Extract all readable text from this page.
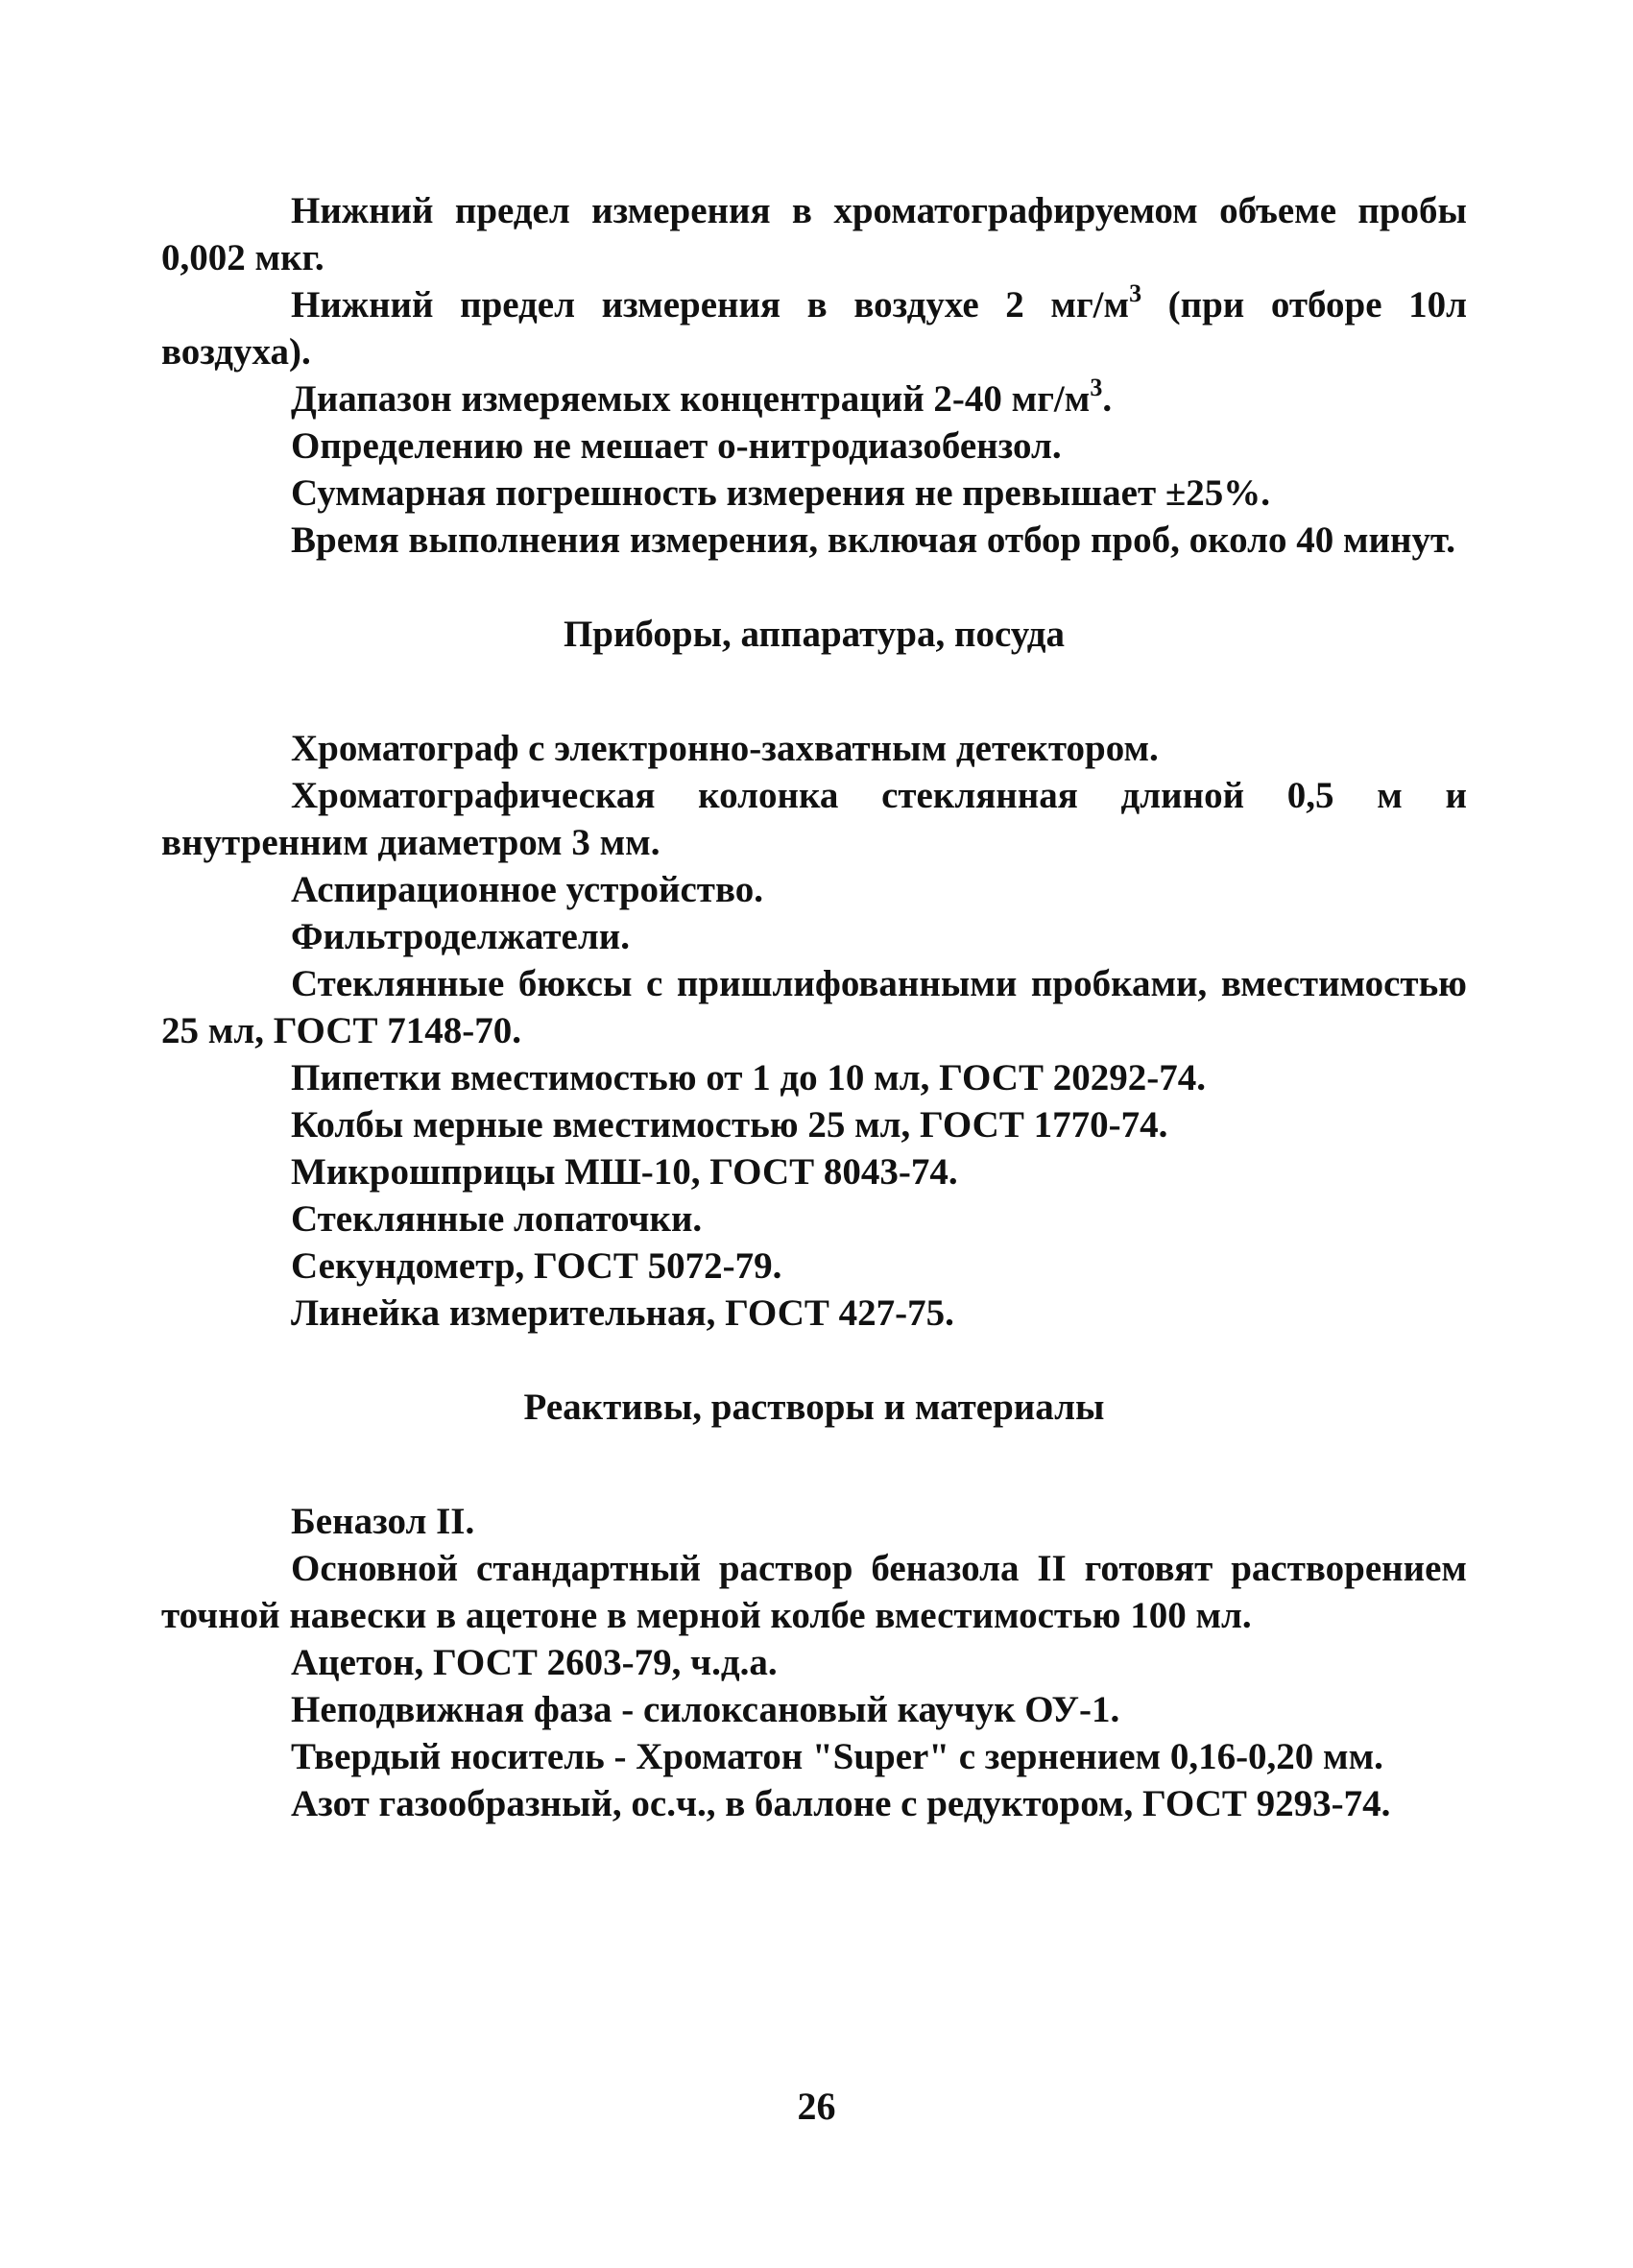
Нижний предел измерения в хроматографируемом объеме пробы 0,002 мкг.

Нижний предел измерения в воздухе 2 $мг/м^3$ (при отборе 10л воздуха).

Диапазон измеряемых концентраций 2-40 $мг/м^3$.

Определению не мешает о-нитродиазобензол.

Суммарная погрешность измерения не превышает ±25%.

Время выполнения измерения, включая отбор проб, около 40 минут.

Приборы, аппаратура, посуда

Хроматограф с электронно-захватным детектором.

Хроматографическая колонка стеклянная длиной 0,5 м и внутренним диаметром 3 мм.

Аспирационное устройство.

Фильтроделжатели.

Стеклянные бюксы с пришлифованными пробками, вместимостью 25 мл, ГОСТ 7148-70.

Пипетки вместимостью от 1 до 10 мл, ГОСТ 20292-74.

Колбы мерные вместимостью 25 мл, ГОСТ 1770-74.

Микрошприцы МШ-10, ГОСТ 8043-74.

Стеклянные лопаточки.

Секундометр, ГОСТ 5072-79.

Линейка измерительная, ГОСТ 427-75.

Реактивы, растворы и материалы

Беназол II.

Основной стандартный раствор беназола II готовят растворением точной навески в ацетоне в мерной колбе вместимостью 100 мл.

Ацетон, ГОСТ 2603-79, ч.д.а.

Неподвижная фаза - силоксановый каучук ОУ-1.

Твердый носитель - Хроматон "Super" с зернением 0,16-0,20 мм.

Азот газообразный, ос.ч., в баллоне с редуктором, ГОСТ 9293-74.

26
